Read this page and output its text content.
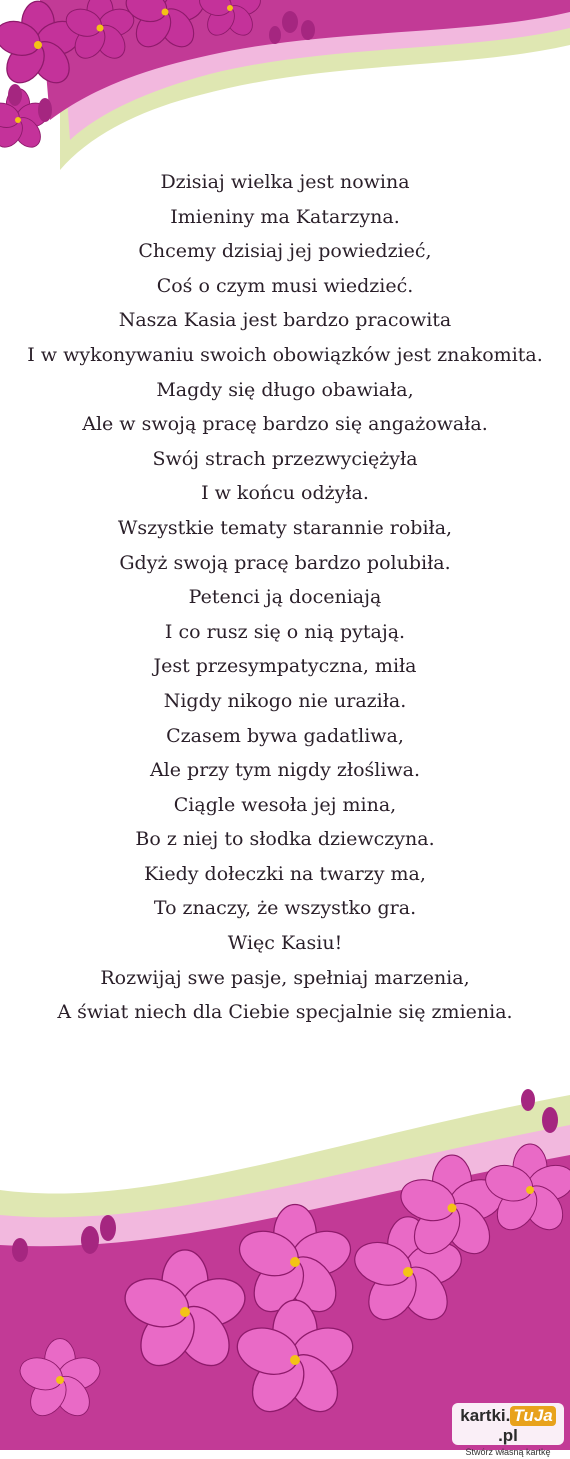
Dzisiaj wielka jest nowina
Imieniny ma Katarzyna.
Chcemy dzisiaj jej powiedzieć,
Coś o czym musi wiedzieć.
Nasza Kasia jest bardzo pracowita
I w wykonywaniu swoich obowiązków jest znakomita.
Magdy się długo obawiała,
Ale w swoją pracę bardzo się angażowała.
Swój strach przezwyciężyła
I w końcu odżyła.
Wszystkie tematy starannie robiła,
Gdyż swoją pracę bardzo polubiła.
Petenci ją doceniają
I co rusz się o nią pytają.
Jest przesympatyczna, miła
Nigdy nikogo nie uraziła.
Czasem bywa gadatliwa,
Ale przy tym nigdy złośliwa.
Ciągle wesoła jej mina,
Bo z niej to słodka dziewczyna.
Kiedy dołeczki na twarzy ma,
To znaczy, że wszystko gra.
Więc Kasiu!
Rozwijaj swe pasje, spełniaj marzenia,
A świat niech dla Ciebie specjalnie się zmienia.
kartki. TuJa.pl
Stwórz własną kartkę
